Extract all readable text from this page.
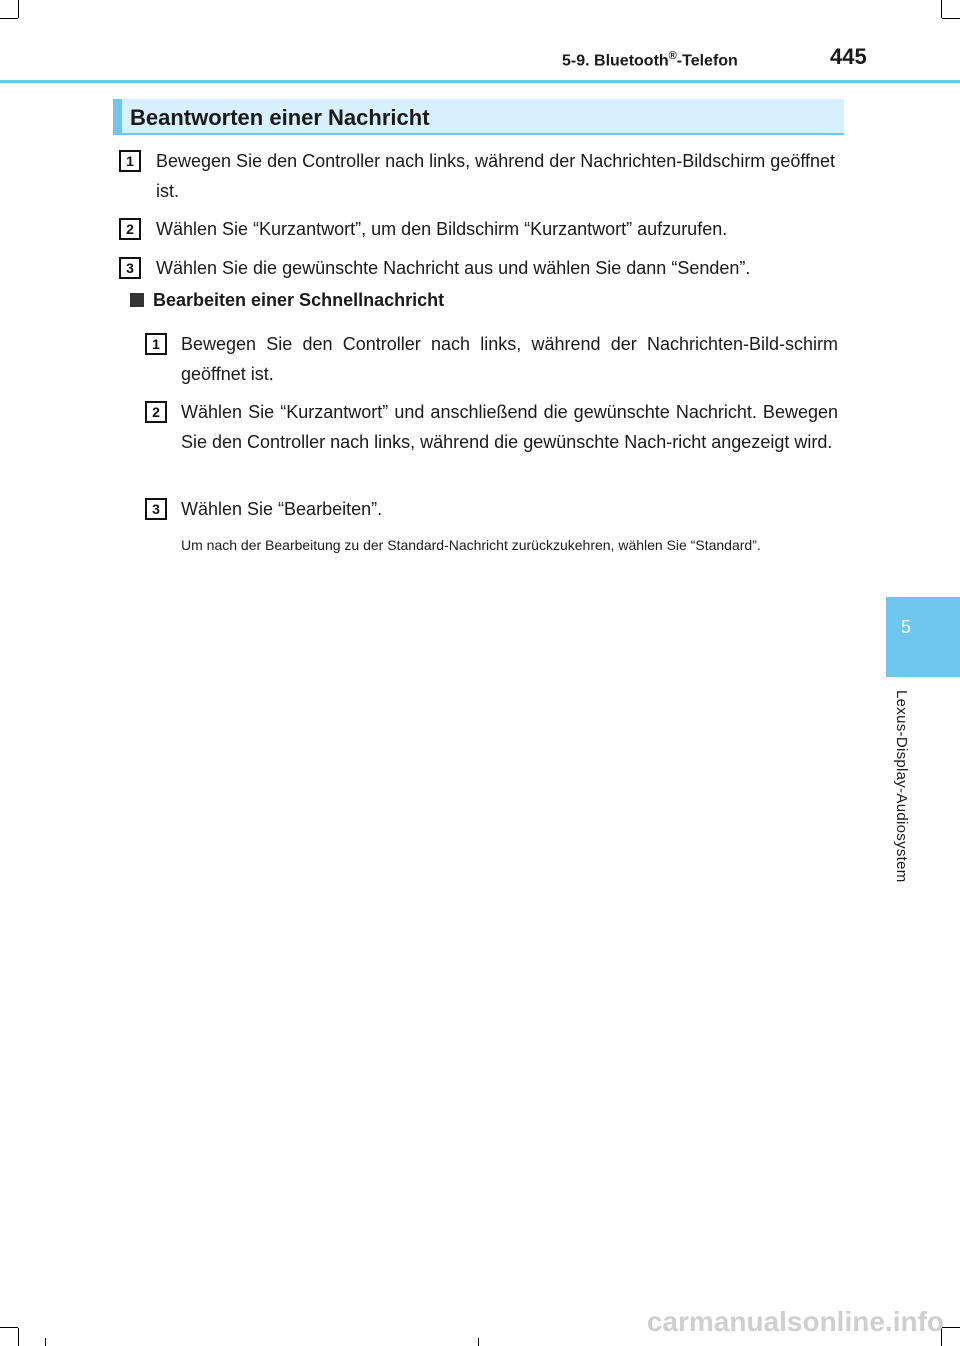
5-9. Bluetooth®-Telefon	445
Beantworten einer Nachricht
1	Bewegen Sie den Controller nach links, während der Nachrichten-Bildschirm geöffnet ist.
2	Wählen Sie “Kurzantwort”, um den Bildschirm “Kurzantwort” aufzurufen.
3	Wählen Sie die gewünschte Nachricht aus und wählen Sie dann “Senden”.
Bearbeiten einer Schnellnachricht
1	Bewegen Sie den Controller nach links, während der Nachrichten-Bild-schirm geöffnet ist.
2	Wählen Sie “Kurzantwort” und anschließend die gewünschte Nachricht. Bewegen Sie den Controller nach links, während die gewünschte Nach-richt angezeigt wird.
3	Wählen Sie “Bearbeiten”.
Um nach der Bearbeitung zu der Standard-Nachricht zurückzukehren, wählen Sie “Standard”.
5
Lexus-Display-Audiosystem
carmanualsonline.info
